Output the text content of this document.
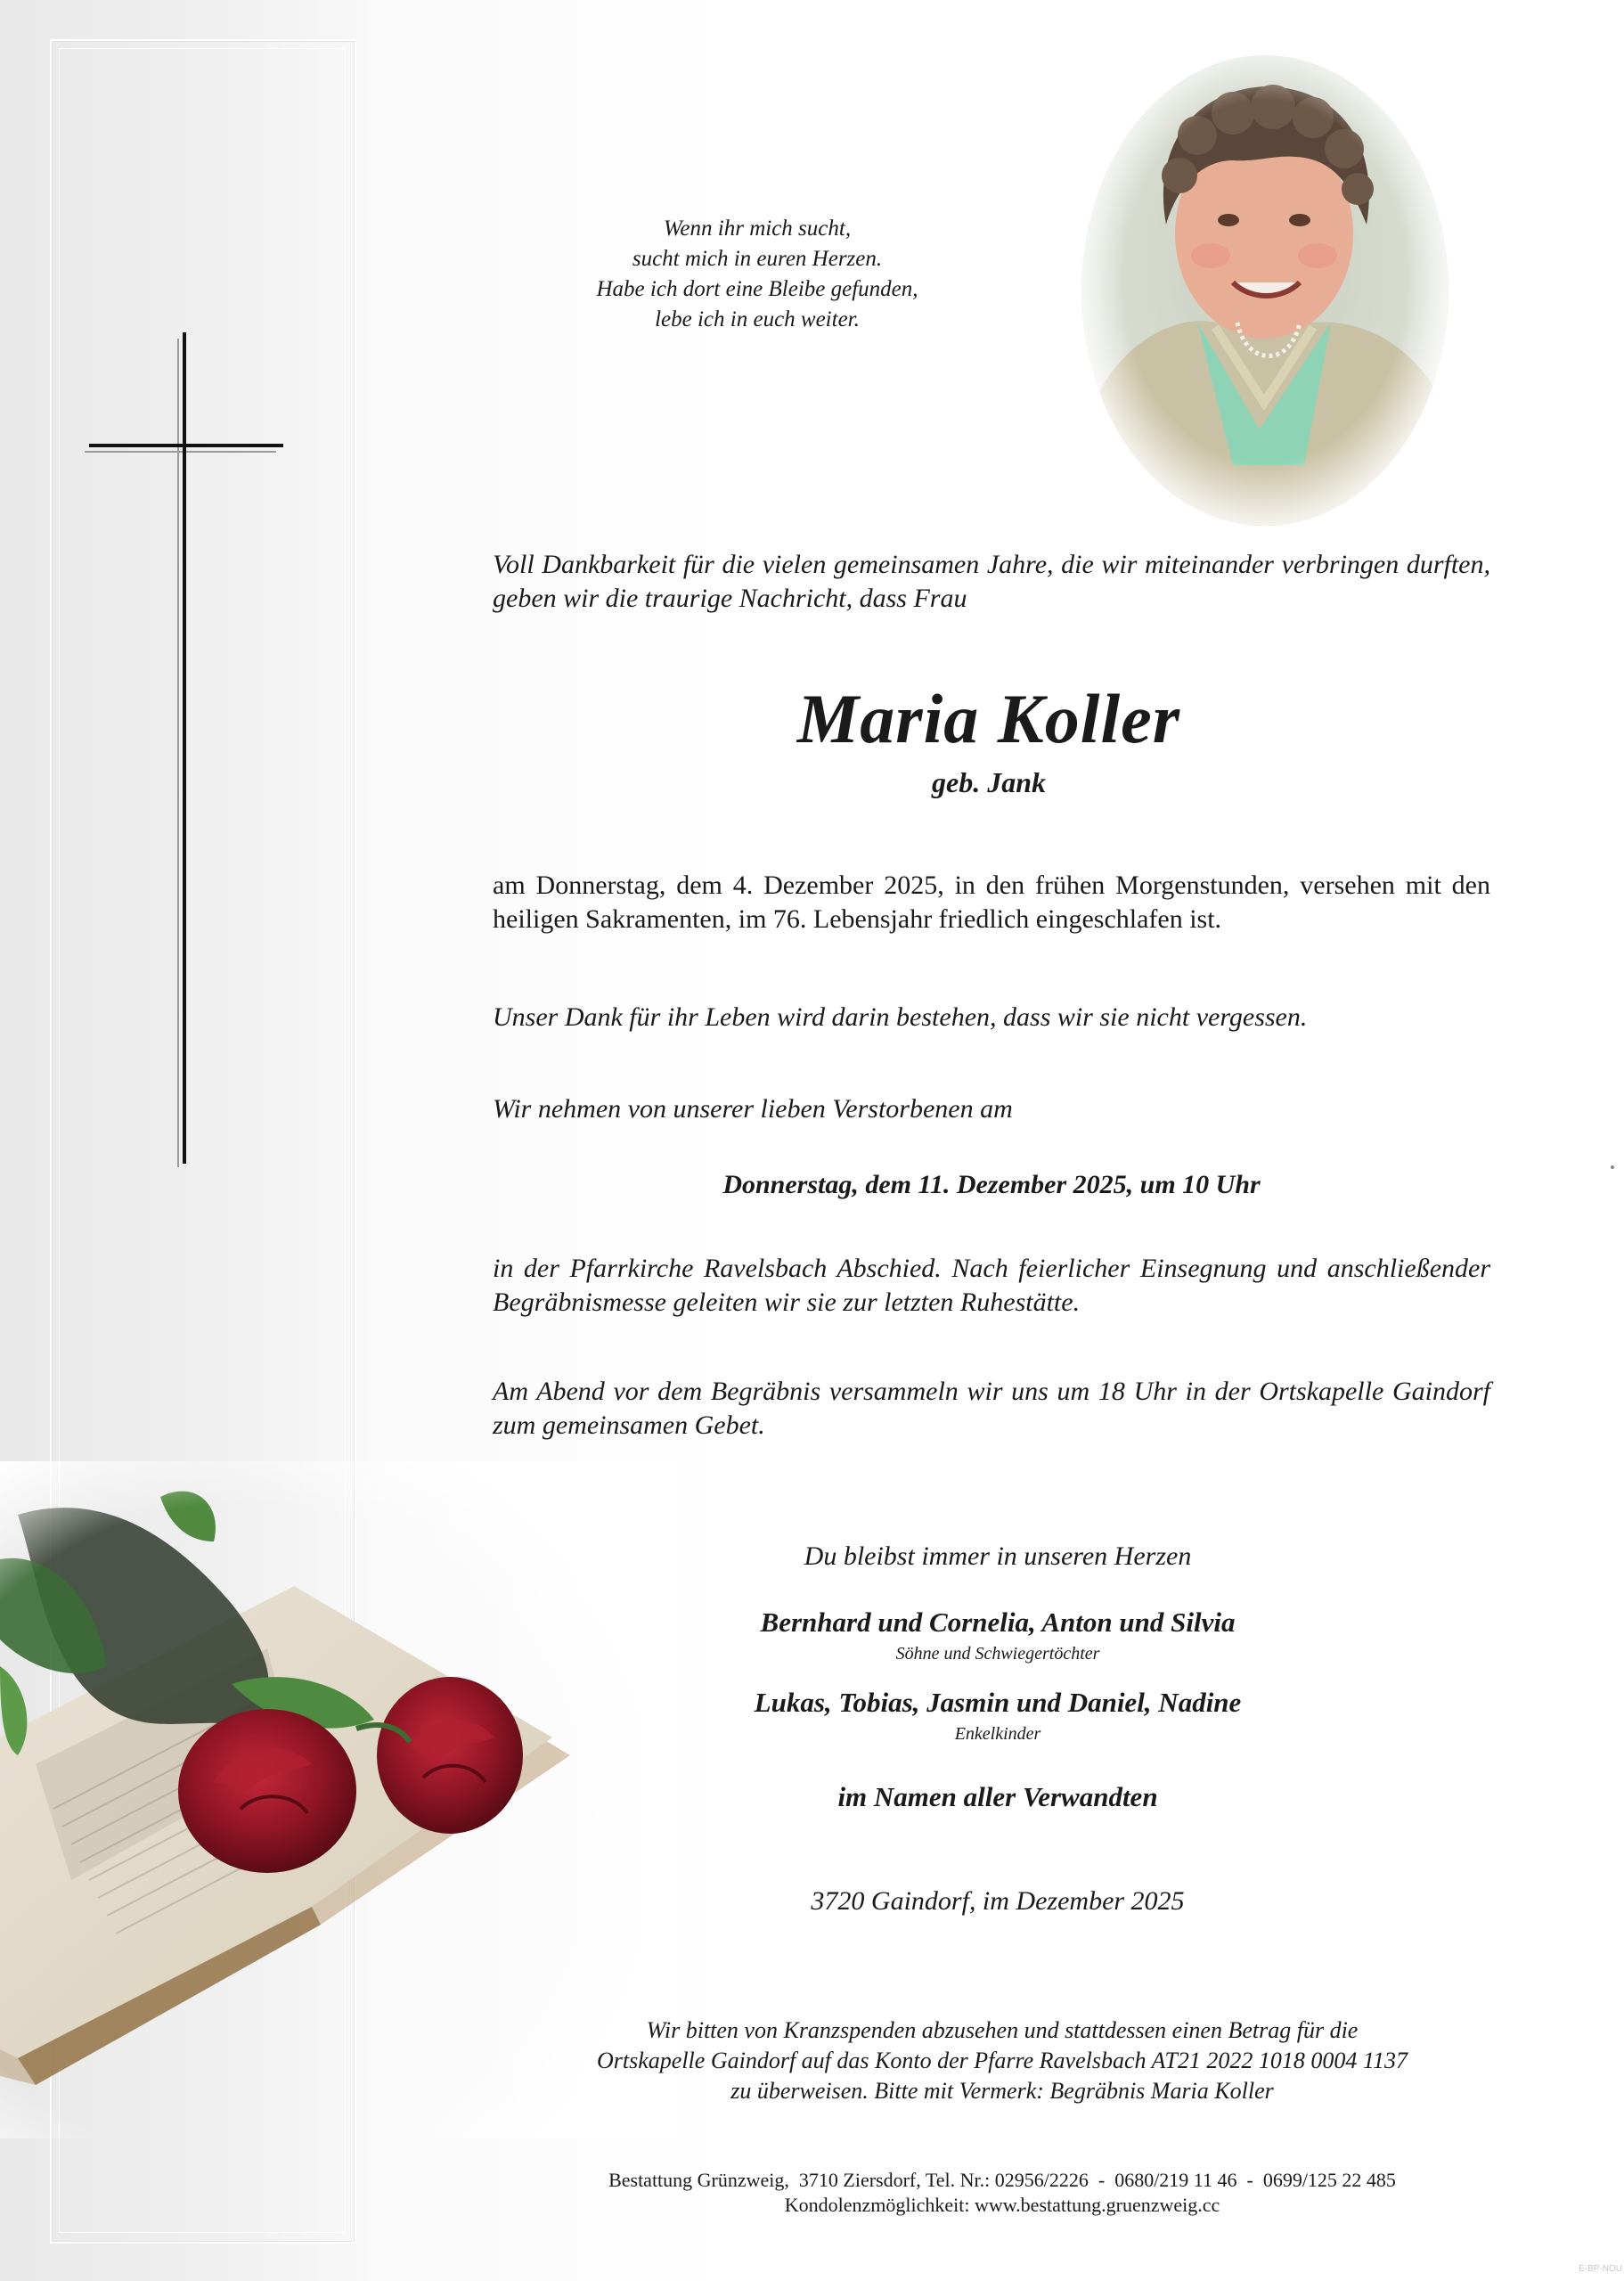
Wenn ihr mich sucht,
sucht mich in euren Herzen.
Habe ich dort eine Bleibe gefunden,
lebe ich in euch weiter.

Voll Dankbarkeit für die vielen gemeinsamen Jahre, die wir miteinander verbringen durften, geben wir die traurige Nachricht, dass Frau

Maria Koller
geb. Jank

am Donnerstag, dem 4. Dezember 2025, in den frühen Morgenstunden, versehen mit den heiligen Sakramenten, im 76. Lebensjahr friedlich eingeschlafen ist.

Unser Dank für ihr Leben wird darin bestehen, dass wir sie nicht vergessen.

Wir nehmen von unserer lieben Verstorbenen am

Donnerstag, dem 11. Dezember 2025, um 10 Uhr

in der Pfarrkirche Ravelsbach Abschied. Nach feierlicher Einsegnung und anschließender Begräbnismesse geleiten wir sie zur letzten Ruhestätte.

Am Abend vor dem Begräbnis versammeln wir uns um 18 Uhr in der Ortskapelle Gaindorf zum gemeinsamen Gebet.

Du bleibst immer in unseren Herzen
Bernhard und Cornelia, Anton und Silvia
Söhne und Schwiegertöchter
Lukas, Tobias, Jasmin und Daniel, Nadine
Enkelkinder
im Namen aller Verwandten
3720 Gaindorf, im Dezember 2025
Wir bitten von Kranzspenden abzusehen und stattdessen einen Betrag für die
Ortskapelle Gaindorf auf das Konto der Pfarre Ravelsbach AT21 2022 1018 0004 1137
zu überweisen. Bitte mit Vermerk: Begräbnis Maria Koller
Bestattung Grünzweig,  3710 Ziersdorf, Tel. Nr.: 02956/2226  -  0680/219 11 46  -  0699/125 22 485
Kondolenzmöglichkeit: www.bestattung.gruenzweig.cc
E-BP-NOU
